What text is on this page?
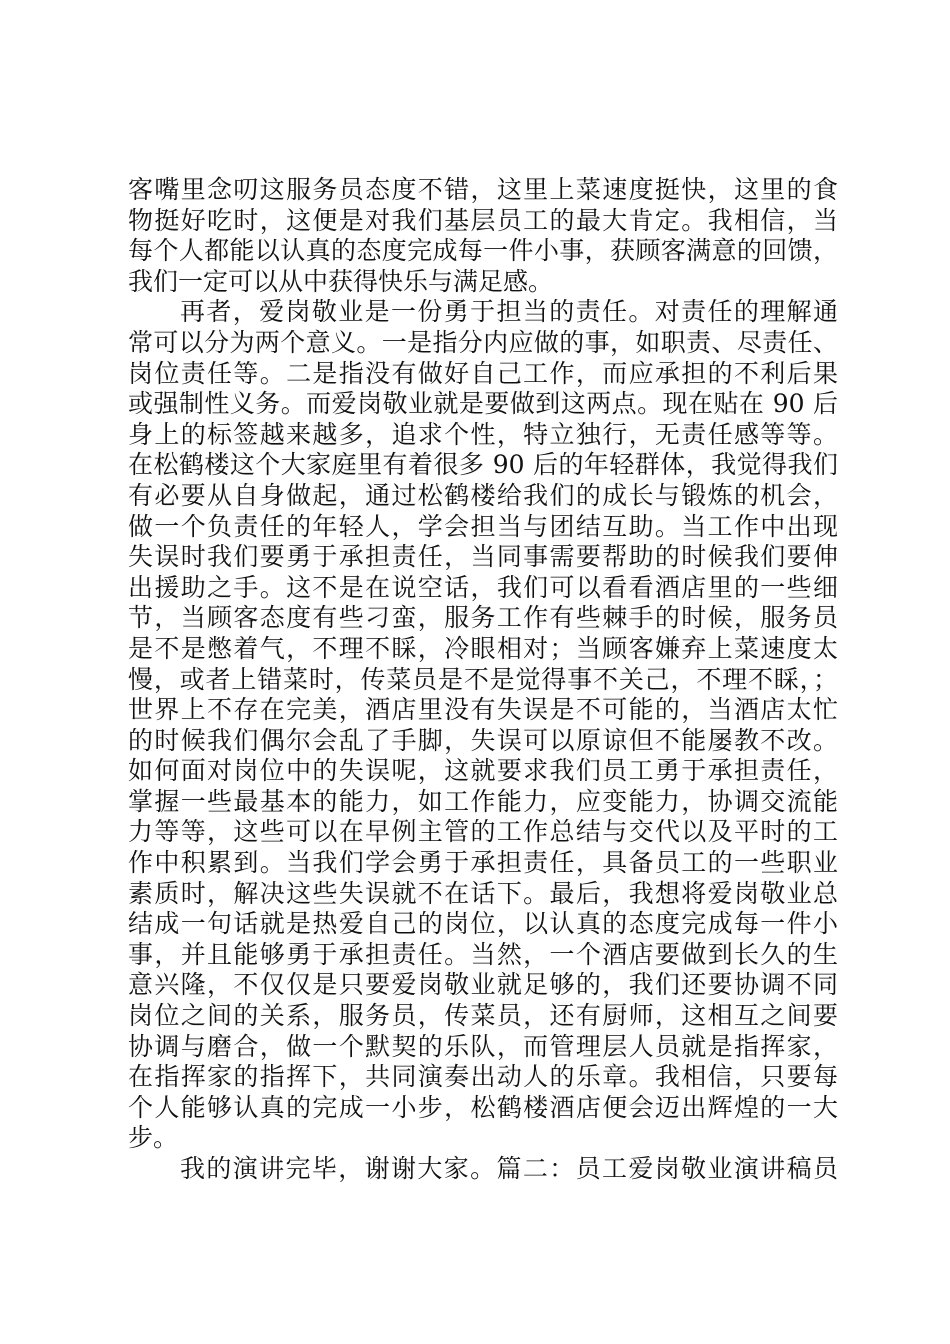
客嘴里念叨这服务员态度不错，这里上菜速度挺快，这里的食
物挺好吃时，这便是对我们基层员工的最大肯定。我相信，当
每个人都能以认真的态度完成每一件小事，获顾客满意的回馈，
我们一定可以从中获得快乐与满足感。
再者，爱岗敬业是一份勇于担当的责任。对责任的理解通
常可以分为两个意义。一是指分内应做的事，如职责、尽责任、
岗位责任等。二是指没有做好自己工作，而应承担的不利后果
或强制性义务。而爱岗敬业就是要做到这两点。现在贴在 90 后
身上的标签越来越多，追求个性，特立独行，无责任感等等。
在松鹤楼这个大家庭里有着很多 90 后的年轻群体，我觉得我们
有必要从自身做起，通过松鹤楼给我们的成长与锻炼的机会，
做一个负责任的年轻人，学会担当与团结互助。当工作中出现
失误时我们要勇于承担责任，当同事需要帮助的时候我们要伸
出援助之手。这不是在说空话，我们可以看看酒店里的一些细
节，当顾客态度有些刁蛮，服务工作有些棘手的时候，服务员
是不是憋着气，不理不睬，冷眼相对；当顾客嫌弃上菜速度太
慢，或者上错菜时，传菜员是不是觉得事不关己，不理不睬，；
世界上不存在完美，酒店里没有失误是不可能的，当酒店太忙
的时候我们偶尔会乱了手脚，失误可以原谅但不能屡教不改。
如何面对岗位中的失误呢，这就要求我们员工勇于承担责任，
掌握一些最基本的能力，如工作能力，应变能力，协调交流能
力等等，这些可以在早例主管的工作总结与交代以及平时的工
作中积累到。当我们学会勇于承担责任，具备员工的一些职业
素质时，解决这些失误就不在话下。最后，我想将爱岗敬业总
结成一句话就是热爱自己的岗位，以认真的态度完成每一件小
事，并且能够勇于承担责任。当然，一个酒店要做到长久的生
意兴隆，不仅仅是只要爱岗敬业就足够的，我们还要协调不同
岗位之间的关系，服务员，传菜员，还有厨师，这相互之间要
协调与磨合，做一个默契的乐队，而管理层人员就是指挥家，
在指挥家的指挥下，共同演奏出动人的乐章。我相信，只要每
个人能够认真的完成一小步，松鹤楼酒店便会迈出辉煌的一大
步。
我的演讲完毕，谢谢大家。篇二：员工爱岗敬业演讲稿员
